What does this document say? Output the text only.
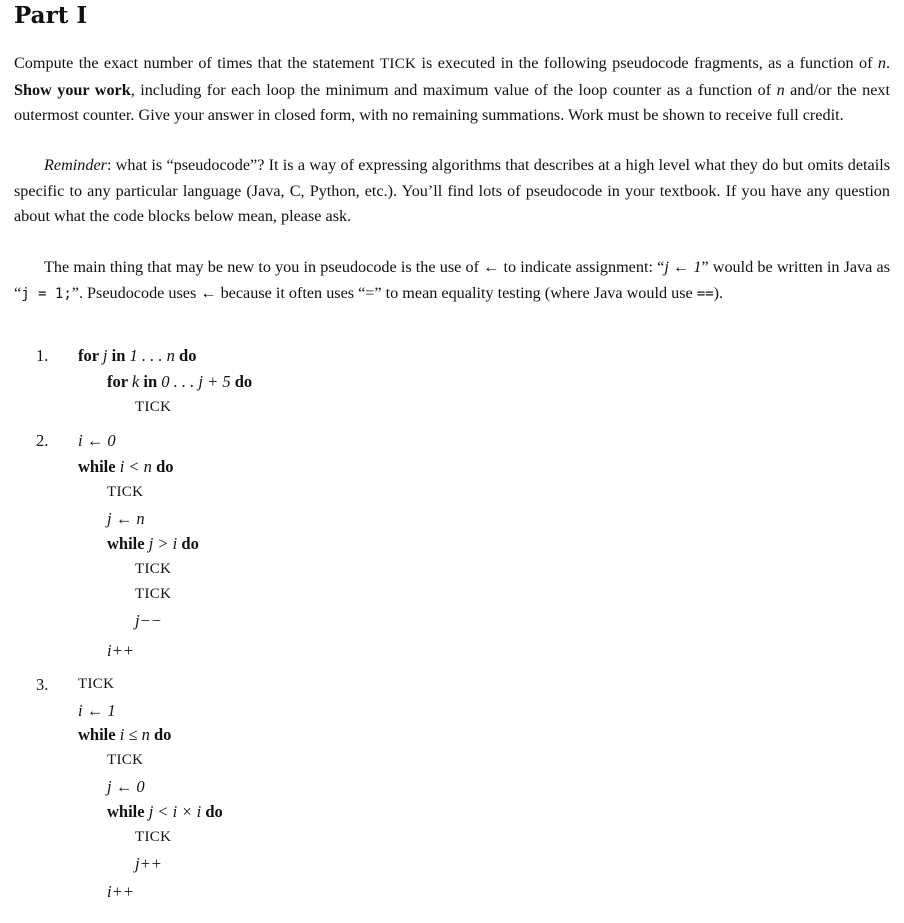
Part I

Compute the exact number of times that the statement TICK is executed in the following pseudocode fragments, as a function of n. Show your work, including for each loop the minimum and maximum value of the loop counter as a function of n and/or the next outermost counter. Give your answer in closed form, with no remaining summations. Work must be shown to receive full credit.

Reminder: what is “pseudocode”? It is a way of expressing algorithms that describes at a high level what they do but omits details specific to any particular language (Java, C, Python, etc.). You’ll find lots of pseudocode in your textbook. If you have any question about what the code blocks below mean, please ask.

The main thing that may be new to you in pseudocode is the use of ← to indicate assignment: “j ← 1” would be written in Java as “j = 1;”. Pseudocode uses ← because it often uses “=” to mean equality testing (where Java would use ==).

1. for j in 1 . . . n do
for k in 0 . . . j + 5 do
TICK
2. i ← 0
while i < n do
TICK
j ← n
while j > i do
TICK
TICK
j−−
i++
3. TICK
i ← 1
while i ≤ n do
TICK
j ← 0
while j < i × i do
TICK
j++
i++
